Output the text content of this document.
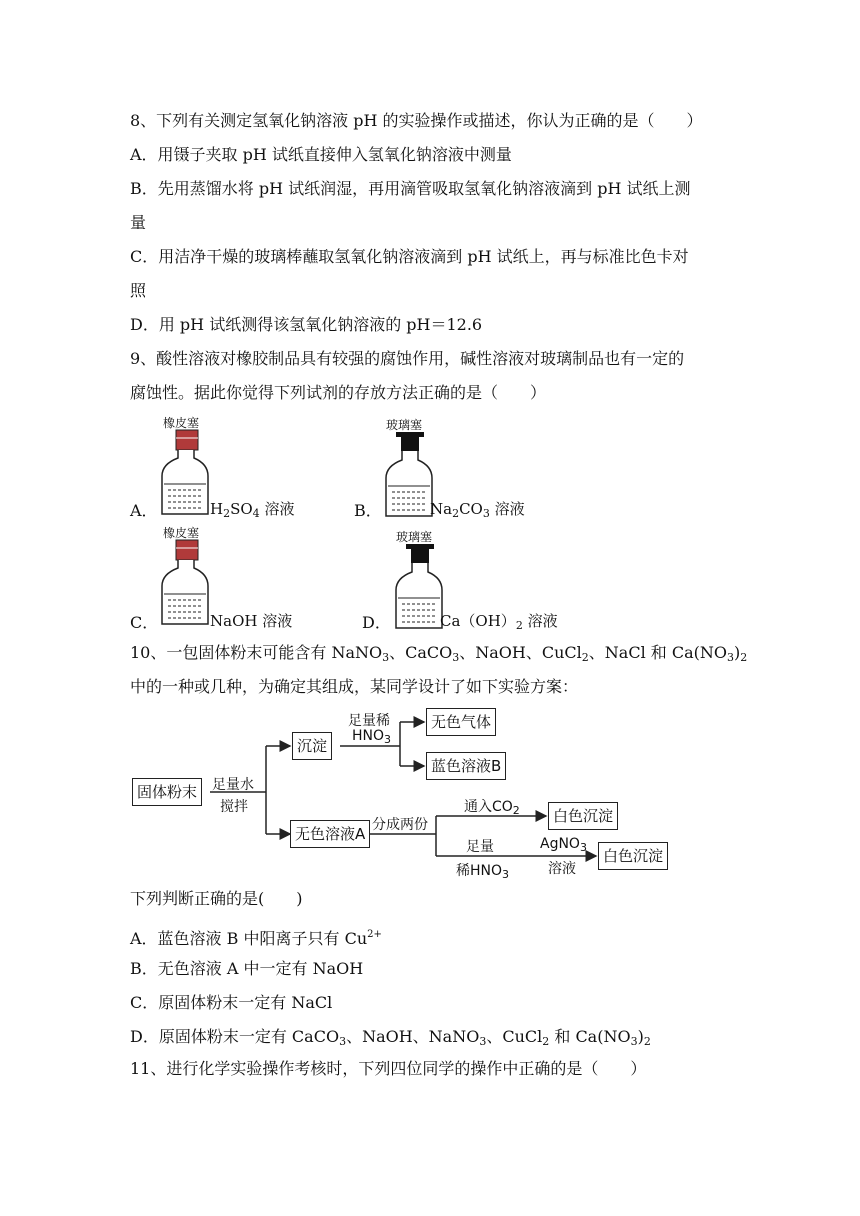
8、下列有关测定氢氧化钠溶液 pH 的实验操作或描述，你认为正确的是（　　）
A．用镊子夹取 pH 试纸直接伸入氢氧化钠溶液中测量
B．先用蒸馏水将 pH 试纸润湿，再用滴管吸取氢氧化钠溶液滴到 pH 试纸上测
量
C．用洁净干燥的玻璃棒蘸取氢氧化钠溶液滴到 pH 试纸上，再与标准比色卡对
照
D．用 pH 试纸测得该氢氧化钠溶液的 pH＝12.6
9、酸性溶液对橡胶制品具有较强的腐蚀作用，碱性溶液对玻璃制品也有一定的
腐蚀性。据此你觉得下列试剂的存放方法正确的是（　　）
橡皮塞
A．	$H_2SO_4$ 溶液
玻璃塞
B．	$Na_2CO_3$ 溶液
橡皮塞
C．	NaOH 溶液
玻璃塞
D．	$Ca(OH)_2$ 溶液
10、一包固体粉末可能含有 NaNO$_3$、CaCO$_3$、NaOH、CuCl$_2$、NaCl 和 $Ca(NO_3)_2$
中的一种或几种，为确定其组成，某同学设计了如下实验方案：
固体粉末	足量水
搅拌
沉淀
足量稀
$HNO_3$
无色气体
蓝色溶液B
无色溶液A 分成两份
通入$CO_2$	白色沉淀
足量
稀$HNO_3$
AgNO$_3$
溶液
白色沉淀
下列判断正确的是(　　)
A．蓝色溶液 B 中阳离子只有 $Cu^{2+}$
B．无色溶液 A 中一定有 NaOH
C．原固体粉末一定有 NaCl
D．原固体粉末一定有 CaCO$_3$、NaOH、NaNO$_3$、CuCl$_2$ 和 $Ca(NO_3)_2$
11、进行化学实验操作考核时，下列四位同学的操作中正确的是（　　）
